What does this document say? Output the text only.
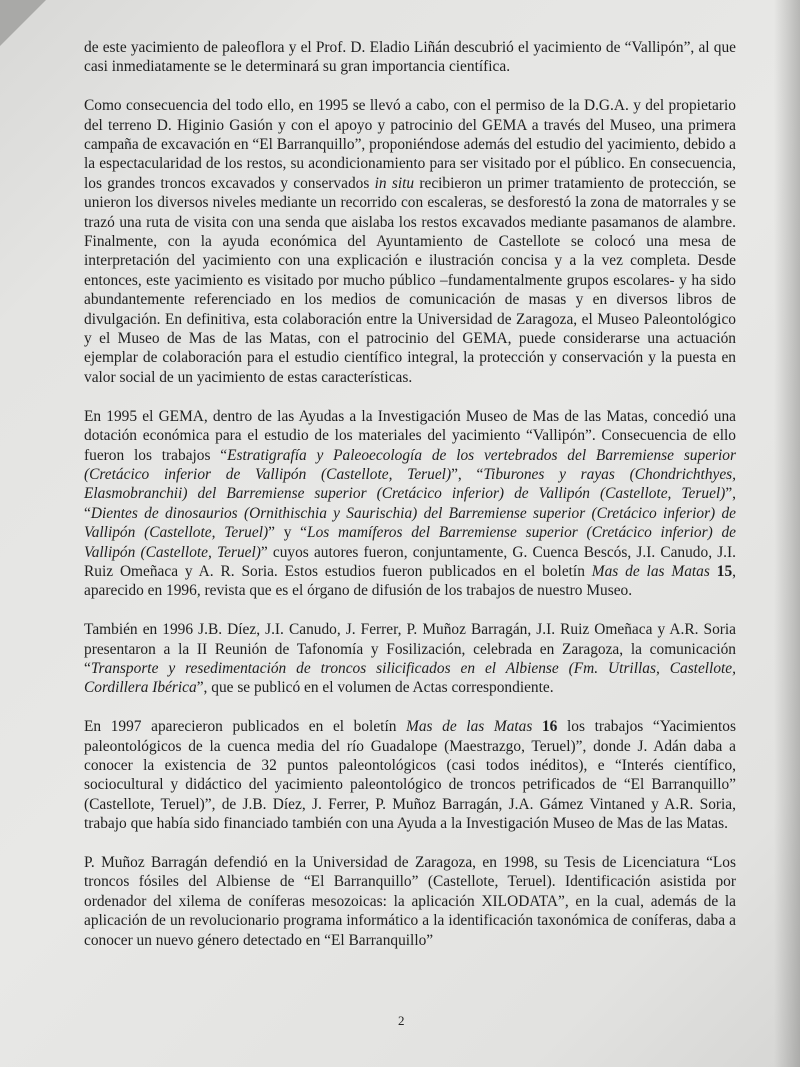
de este yacimiento de paleoflora y el Prof. D. Eladio Liñán descubrió el yacimiento de “Vallipón”, al que casi inmediatamente se le determinará su gran importancia científica.

Como consecuencia del todo ello, en 1995 se llevó a cabo, con el permiso de la D.G.A. y del propietario del terreno D. Higinio Gasión y con el apoyo y patrocinio del GEMA a través del Museo, una primera campaña de excavación en “El Barranquillo”, proponiéndose además del estudio del yacimiento, debido a la espectacularidad de los restos, su acondicionamiento para ser visitado por el público. En consecuencia, los grandes troncos excavados y conservados in situ recibieron un primer tratamiento de protección, se unieron los diversos niveles mediante un recorrido con escaleras, se desforestó la zona de matorrales y se trazó una ruta de visita con una senda que aislaba los restos excavados mediante pasamanos de alambre. Finalmente, con la ayuda económica del Ayuntamiento de Castellote se colocó una mesa de interpretación del yacimiento con una explicación e ilustración concisa y a la vez completa. Desde entonces, este yacimiento es visitado por mucho público –fundamentalmente grupos escolares- y ha sido abundantemente referenciado en los medios de comunicación de masas y en diversos libros de divulgación. En definitiva, esta colaboración entre la Universidad de Zaragoza, el Museo Paleontológico y el Museo de Mas de las Matas, con el patrocinio del GEMA, puede considerarse una actuación ejemplar de colaboración para el estudio científico integral, la protección y conservación y la puesta en valor social de un yacimiento de estas características.

En 1995 el GEMA, dentro de las Ayudas a la Investigación Museo de Mas de las Matas, concedió una dotación económica para el estudio de los materiales del yacimiento “Vallipón”. Consecuencia de ello fueron los trabajos “Estratigrafía y Paleoecología de los vertebrados del Barremiense superior (Cretácico inferior de Vallipón (Castellote, Teruel)”, “Tiburones y rayas (Chondrichthyes, Elasmobranchii) del Barremiense superior (Cretácico inferior) de Vallipón (Castellote, Teruel)”, “Dientes de dinosaurios (Ornithischia y Saurischia) del Barremiense superior (Cretácico inferior) de Vallipón (Castellote, Teruel)” y “Los mamíferos del Barremiense superior (Cretácico inferior) de Vallipón (Castellote, Teruel)” cuyos autores fueron, conjuntamente, G. Cuenca Bescós, J.I. Canudo, J.I. Ruiz Omeñaca y A. R. Soria. Estos estudios fueron publicados en el boletín Mas de las Matas 15, aparecido en 1996, revista que es el órgano de difusión de los trabajos de nuestro Museo.

También en 1996 J.B. Díez, J.I. Canudo, J. Ferrer, P. Muñoz Barragán, J.I. Ruiz Omeñaca y A.R. Soria presentaron a la II Reunión de Tafonomía y Fosilización, celebrada en Zaragoza, la comunicación “Transporte y resedimentación de troncos silicificados en el Albiense (Fm. Utrillas, Castellote, Cordillera Ibérica”, que se publicó en el volumen de Actas correspondiente.

En 1997 aparecieron publicados en el boletín Mas de las Matas 16 los trabajos “Yacimientos paleontológicos de la cuenca media del río Guadalope (Maestrazgo, Teruel)”, donde J. Adán daba a conocer la existencia de 32 puntos paleontológicos (casi todos inéditos), e “Interés científico, sociocultural y didáctico del yacimiento paleontológico de troncos petrificados de “El Barranquillo” (Castellote, Teruel)”, de J.B. Díez, J. Ferrer, P. Muñoz Barragán, J.A. Gámez Vintaned y A.R. Soria, trabajo que había sido financiado también con una Ayuda a la Investigación Museo de Mas de las Matas.

P. Muñoz Barragán defendió en la Universidad de Zaragoza, en 1998, su Tesis de Licenciatura “Los troncos fósiles del Albiense de “El Barranquillo” (Castellote, Teruel). Identificación asistida por ordenador del xilema de coníferas mesozoicas: la aplicación XILODATA”, en la cual, además de la aplicación de un revolucionario programa informático a la identificación taxonómica de coníferas, daba a conocer un nuevo género detectado en “El Barranquillo”

2
